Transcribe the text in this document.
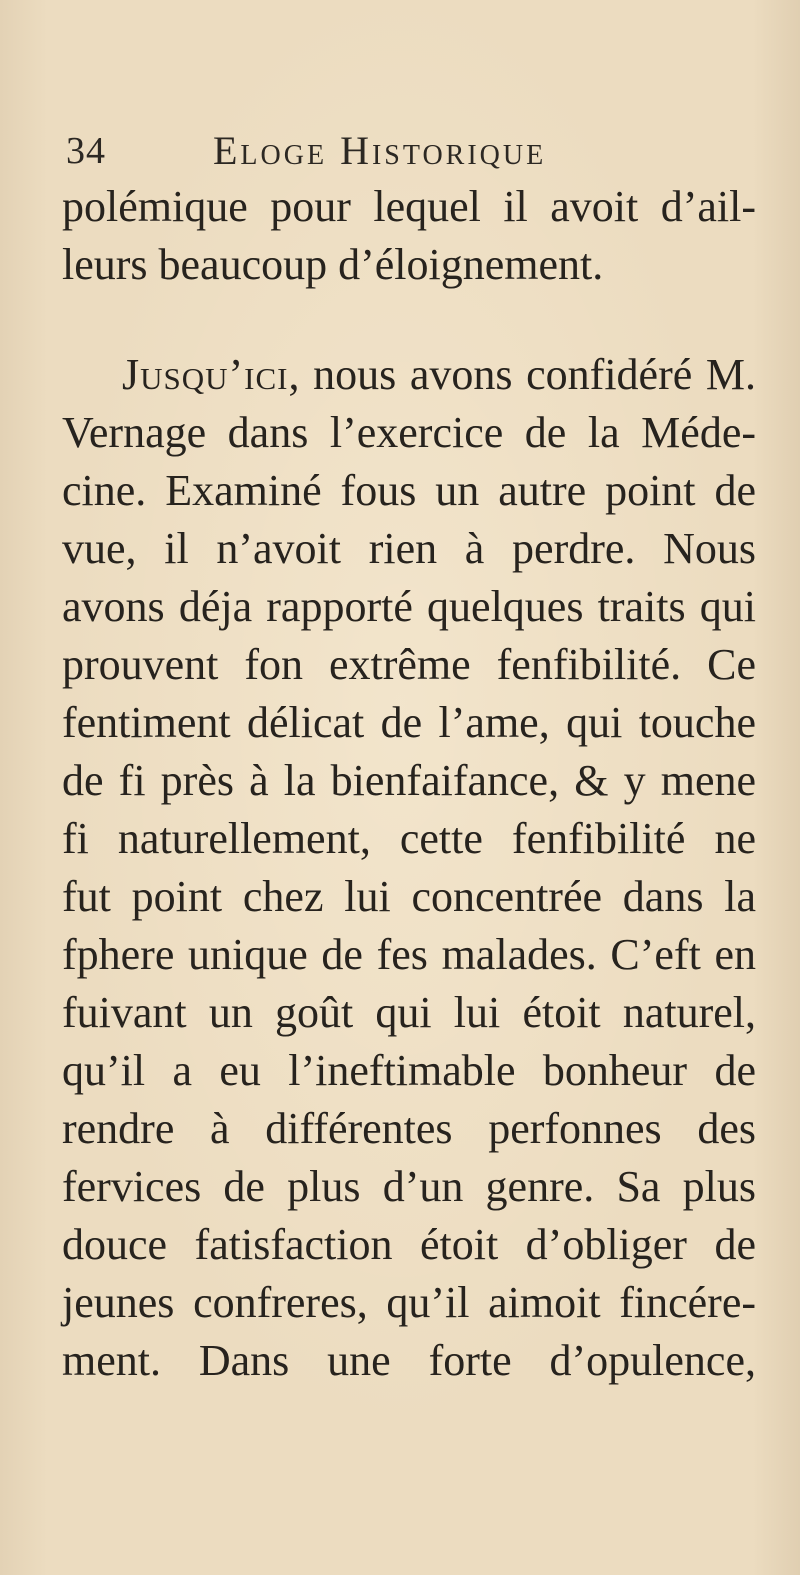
34	Eloge Historique
polémique pour lequel il avoit d’ail-
leurs beaucoup d’éloignement.
Jusqu’ici, nous avons confidéré M.
Vernage dans l’exercice de la Méde-
cine. Examiné fous un autre point de
vue, il n’avoit rien à perdre. Nous
avons déja rapporté quelques traits qui
prouvent fon extrême fenfibilité. Ce
fentiment délicat de l’ame, qui touche
de fi près à la bienfaifance, & y mene
fi naturellement, cette fenfibilité ne
fut point chez lui concentrée dans la
fphere unique de fes malades. C’eft en
fuivant un goût qui lui étoit naturel,
qu’il a eu l’ineftimable bonheur de
rendre à différentes perfonnes des
fervices de plus d’un genre. Sa plus
douce fatisfaction étoit d’obliger de
jeunes confreres, qu’il aimoit fincére-
ment. Dans une forte d’opulence,
